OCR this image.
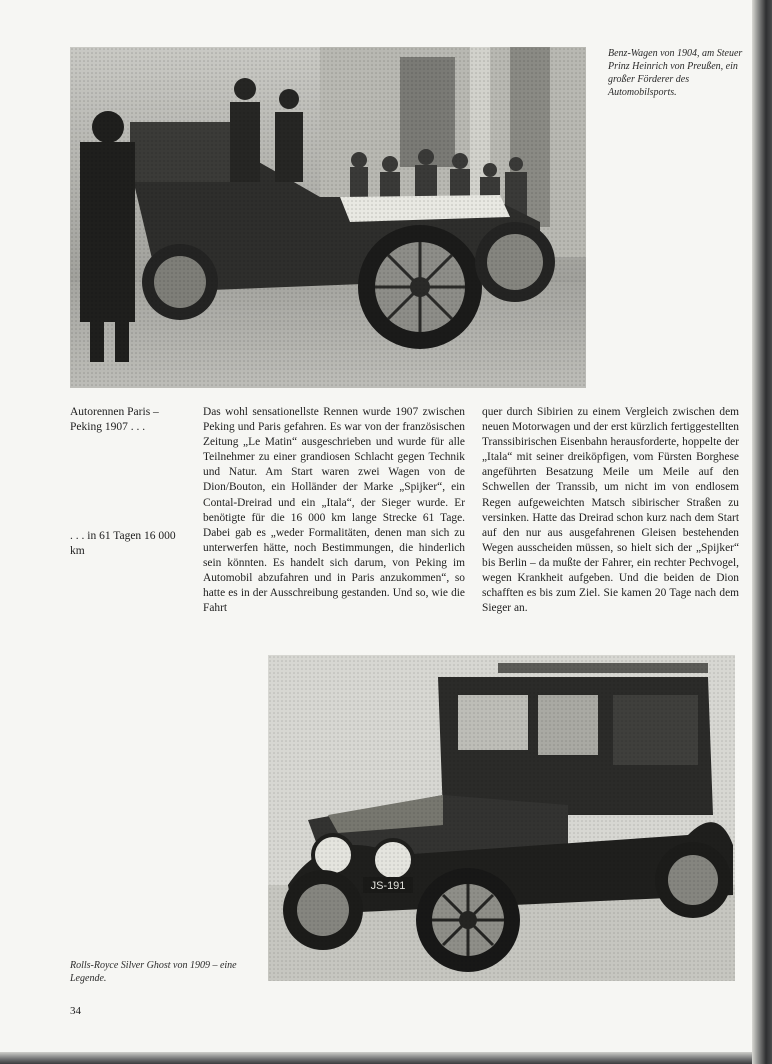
Benz-Wagen von 1904, am Steuer Prinz Heinrich von Preußen, ein großer Förderer des Automobilsports.
Autorennen Paris – Peking 1907 . . .
. . . in 61 Tagen 16 000 km
Das wohl sensationellste Rennen wurde 1907 zwischen Peking und Paris gefahren. Es war von der französischen Zeitung „Le Matin“ ausgeschrieben und wurde für alle Teilnehmer zu einer grandiosen Schlacht gegen Technik und Natur. Am Start waren zwei Wagen von de Dion/Bouton, ein Holländer der Marke „Spijker“, ein Contal-Dreirad und ein „Itala“, der Sieger wurde. Er benötigte für die 16 000 km lange Strecke 61 Tage. Dabei gab es „weder Formalitäten, denen man sich zu unterwerfen hätte, noch Bestimmungen, die hinderlich sein könnten. Es handelt sich darum, von Peking im Automobil abzufahren und in Paris anzukommen“, so hatte es in der Ausschreibung gestanden. Und so, wie die Fahrt
quer durch Sibirien zu einem Vergleich zwischen dem neuen Motorwagen und der erst kürzlich fertiggestellten Transsibirischen Eisenbahn herausforderte, hoppelte der „Itala“ mit seiner dreiköpfigen, vom Fürsten Borghese angeführten Besatzung Meile um Meile auf den Schwellen der Transsib, um nicht im von endlosem Regen aufgeweichten Matsch sibirischer Straßen zu versinken. Hatte das Dreirad schon kurz nach dem Start auf den nur aus ausgefahrenen Gleisen bestehenden Wegen ausscheiden müssen, so hielt sich der „Spijker“ bis Berlin – da mußte der Fahrer, ein rechter Pechvogel, wegen Krankheit aufgeben. Und die beiden de Dion schafften es bis zum Ziel. Sie kamen 20 Tage nach dem Sieger an.
Rolls-Royce Silver Ghost von 1909 – eine Legende.
34
